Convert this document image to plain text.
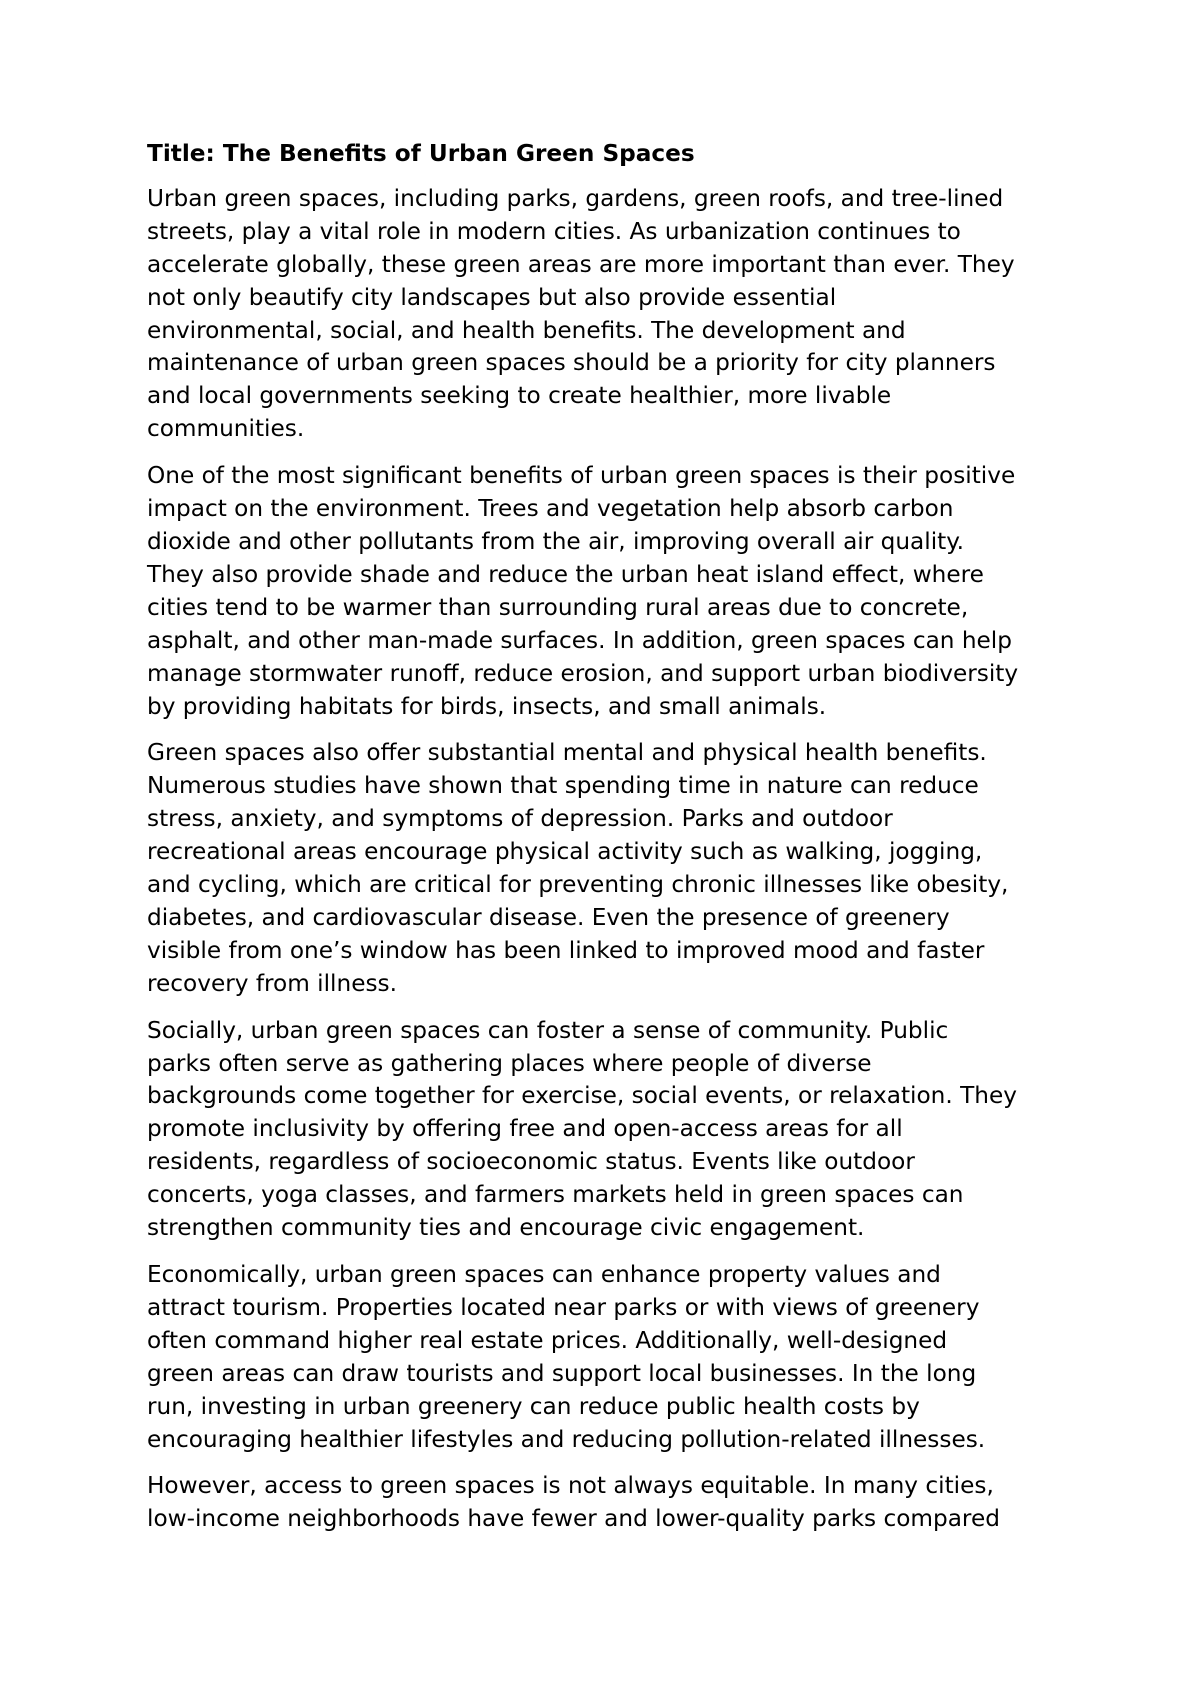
Title: The Benefits of Urban Green Spaces
Urban green spaces, including parks, gardens, green roofs, and tree-lined
streets, play a vital role in modern cities. As urbanization continues to
accelerate globally, these green areas are more important than ever. They
not only beautify city landscapes but also provide essential
environmental, social, and health benefits. The development and
maintenance of urban green spaces should be a priority for city planners
and local governments seeking to create healthier, more livable
communities.
One of the most significant benefits of urban green spaces is their positive
impact on the environment. Trees and vegetation help absorb carbon
dioxide and other pollutants from the air, improving overall air quality.
They also provide shade and reduce the urban heat island effect, where
cities tend to be warmer than surrounding rural areas due to concrete,
asphalt, and other man-made surfaces. In addition, green spaces can help
manage stormwater runoff, reduce erosion, and support urban biodiversity
by providing habitats for birds, insects, and small animals.
Green spaces also offer substantial mental and physical health benefits.
Numerous studies have shown that spending time in nature can reduce
stress, anxiety, and symptoms of depression. Parks and outdoor
recreational areas encourage physical activity such as walking, jogging,
and cycling, which are critical for preventing chronic illnesses like obesity,
diabetes, and cardiovascular disease. Even the presence of greenery
visible from one’s window has been linked to improved mood and faster
recovery from illness.
Socially, urban green spaces can foster a sense of community. Public
parks often serve as gathering places where people of diverse
backgrounds come together for exercise, social events, or relaxation. They
promote inclusivity by offering free and open-access areas for all
residents, regardless of socioeconomic status. Events like outdoor
concerts, yoga classes, and farmers markets held in green spaces can
strengthen community ties and encourage civic engagement.
Economically, urban green spaces can enhance property values and
attract tourism. Properties located near parks or with views of greenery
often command higher real estate prices. Additionally, well-designed
green areas can draw tourists and support local businesses. In the long
run, investing in urban greenery can reduce public health costs by
encouraging healthier lifestyles and reducing pollution-related illnesses.
However, access to green spaces is not always equitable. In many cities,
low-income neighborhoods have fewer and lower-quality parks compared
